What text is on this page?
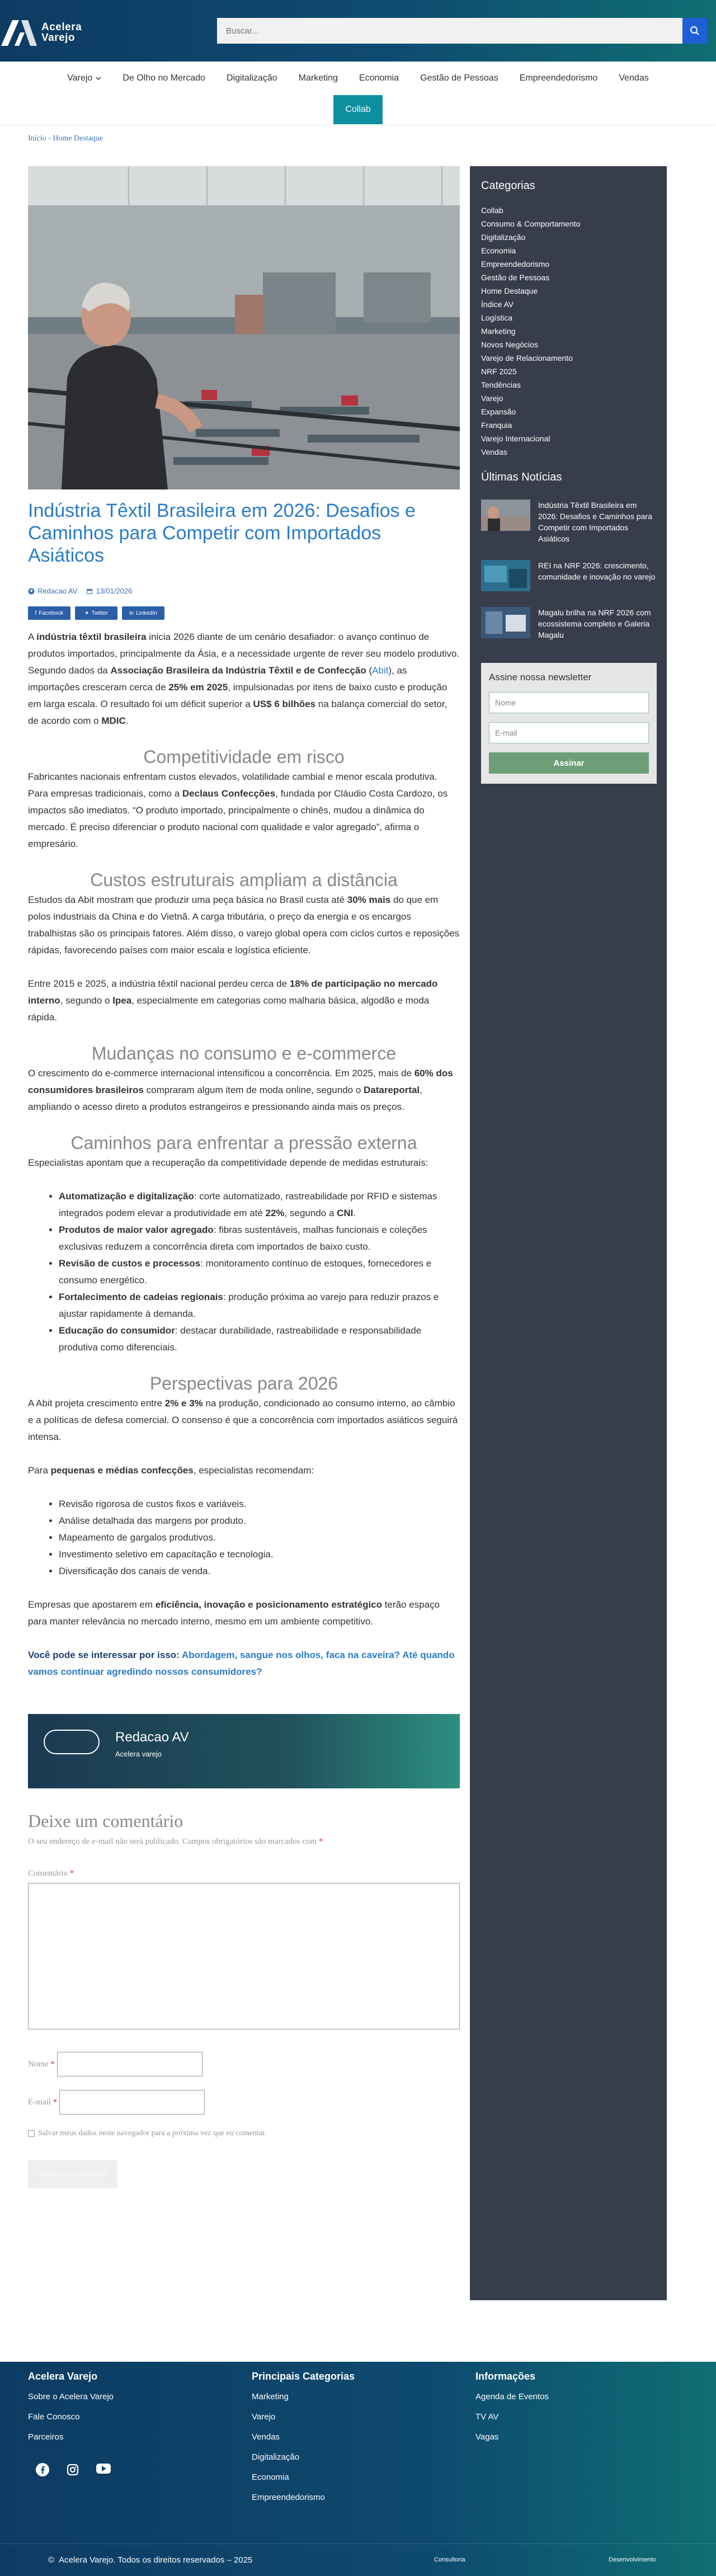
Acelera
Varejo
Buscar...
Varejo	De Olho no Mercado	Digitalização	Marketing	Economia	Gestão de Pessoas	Empreendedorismo	Vendas
Collab
Início - Home Destaque
Indústria Têxtil Brasileira em 2026: Desafios e Caminhos para Competir com Importados Asiáticos
Redacao AV	13/01/2026
f Facebook	✦ Twitter	in LinkedIn

A indústria têxtil brasileira inicia 2026 diante de um cenário desafiador: o avanço contínuo de produtos importados, principalmente da Ásia, e a necessidade urgente de rever seu modelo produtivo. Segundo dados da Associação Brasileira da Indústria Têxtil e de Confecção (Abit), as importações cresceram cerca de 25% em 2025, impulsionadas por itens de baixo custo e produção em larga escala. O resultado foi um déficit superior a US$ 6 bilhões na balança comercial do setor, de acordo com o MDIC.

Competitividade em risco

Fabricantes nacionais enfrentam custos elevados, volatilidade cambial e menor escala produtiva. Para empresas tradicionais, como a Declaus Confecções, fundada por Cláudio Costa Cardozo, os impactos são imediatos. “O produto importado, principalmente o chinês, mudou a dinâmica do mercado. É preciso diferenciar o produto nacional com qualidade e valor agregado”, afirma o empresário.

Custos estruturais ampliam a distância

Estudos da Abit mostram que produzir uma peça básica no Brasil custa até 30% mais do que em polos industriais da China e do Vietnã. A carga tributária, o preço da energia e os encargos trabalhistas são os principais fatores. Além disso, o varejo global opera com ciclos curtos e reposições rápidas, favorecendo países com maior escala e logística eficiente.

Entre 2015 e 2025, a indústria têxtil nacional perdeu cerca de 18% de participação no mercado interno, segundo o Ipea, especialmente em categorias como malharia básica, algodão e moda rápida.

Mudanças no consumo e e-commerce

O crescimento do e-commerce internacional intensificou a concorrência. Em 2025, mais de 60% dos consumidores brasileiros compraram algum item de moda online, segundo o Datareportal, ampliando o acesso direto a produtos estrangeiros e pressionando ainda mais os preços.

Caminhos para enfrentar a pressão externa

Especialistas apontam que a recuperação da competitividade depende de medidas estruturais:

• Automatização e digitalização: corte automatizado, rastreabilidade por RFID e sistemas integrados podem elevar a produtividade em até 22%, segundo a CNI.
• Produtos de maior valor agregado: fibras sustentáveis, malhas funcionais e coleções exclusivas reduzem a concorrência direta com importados de baixo custo.
• Revisão de custos e processos: monitoramento contínuo de estoques, fornecedores e consumo energético.
• Fortalecimento de cadeias regionais: produção próxima ao varejo para reduzir prazos e ajustar rapidamente à demanda.
• Educação do consumidor: destacar durabilidade, rastreabilidade e responsabilidade produtiva como diferenciais.
Perspectivas para 2026

A Abit projeta crescimento entre 2% e 3% na produção, condicionado ao consumo interno, ao câmbio e a políticas de defesa comercial. O consenso é que a concorrência com importados asiáticos seguirá intensa.

Para pequenas e médias confecções, especialistas recomendam:

• Revisão rigorosa de custos fixos e variáveis.
• Análise detalhada das margens por produto.
• Mapeamento de gargalos produtivos.
• Investimento seletivo em capacitação e tecnologia.
• Diversificação dos canais de venda.

Empresas que apostarem em eficiência, inovação e posicionamento estratégico terão espaço para manter relevância no mercado interno, mesmo em um ambiente competitivo.

Você pode se interessar por isso: Abordagem, sangue nos olhos, faca na caveira? Até quando vamos continuar agredindo nossos consumidores?

Redacao AV
Acelera varejo
Deixe um comentário
O seu endereço de e-mail não será publicado. Campos obrigatórios são marcados com *
Comentário *
Nome *
E-mail *
Salvar meus dados neste navegador para a próxima vez que eu comentar.
Publicar comentário
Categorias
Collab
Consumo & Comportamento
Digitalização
Economia
Empreendedorismo
Gestão de Pessoas
Home Destaque
Índice AV
Logística
Marketing
Novos Negócios
Varejo de Relacionamento
NRF 2025
Tendências
Varejo
Expansão
Franquia
Varejo Internacional
Vendas
Últimas Notícias
Indústria Têxtil Brasileira em 2026: Desafios e Caminhos para Competir com Importados Asiáticos
REI na NRF 2026: crescimento, comunidade e inovação no varejo
Magalu brilha na NRF 2026 com ecossistema completo e Galeria Magalu
Assine nossa newsletter
Nome
E-mail
Assinar
Acelera Varejo
Sobre o Acelera Varejo
Fale Conosco
Parceiros
Principais Categorias
Marketing
Varejo
Vendas
Digitalização
Economia
Empreendedorismo
Informações
Agenda de Eventos
TV AV
Vagas
© Acelera Varejo. Todos os direitos reservados – 2025	Consultoria	Desenvolvimento
